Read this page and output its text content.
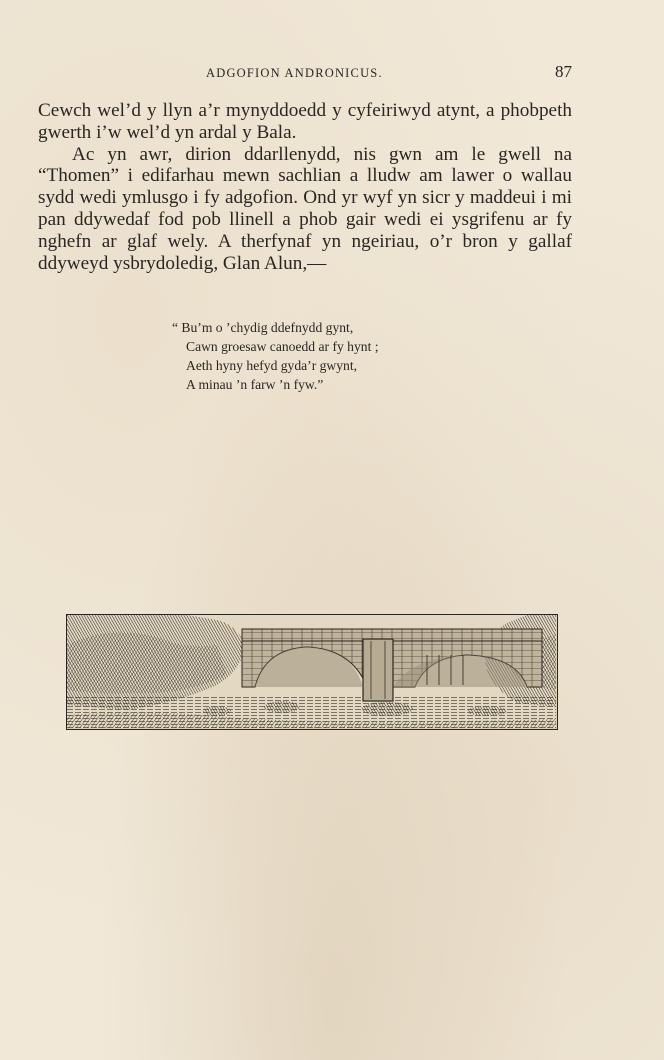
ADGOFION ANDRONICUS.	87

Cewch wel’d y llyn a’r mynyddoedd y cyfeiriwyd atynt, a phobpeth gwerth i’w wel’d yn ardal y Bala.

Ac yn awr, dirion ddarllenydd, nis gwn am le gwell na “Thomen” i edifarhau mewn sachlian a lludw am lawer o wallau sydd wedi ymlusgo i fy adgofion. Ond yr wyf yn sicr y maddeui i mi pan ddywedaf fod pob llinell a phob gair wedi ei ysgrifenu ar fy nghefn ar glaf wely. A therfynaf yn ngeiriau, o’r bron y gallaf ddyweyd ysbrydoledig, Glan Alun,—

“ Bu’m o ’chydig ddefnydd gynt,
Cawn groesaw canoedd ar fy hynt ;
Aeth hyny hefyd gyda’r gwynt,
A minau ’n farw ’n fyw.”
